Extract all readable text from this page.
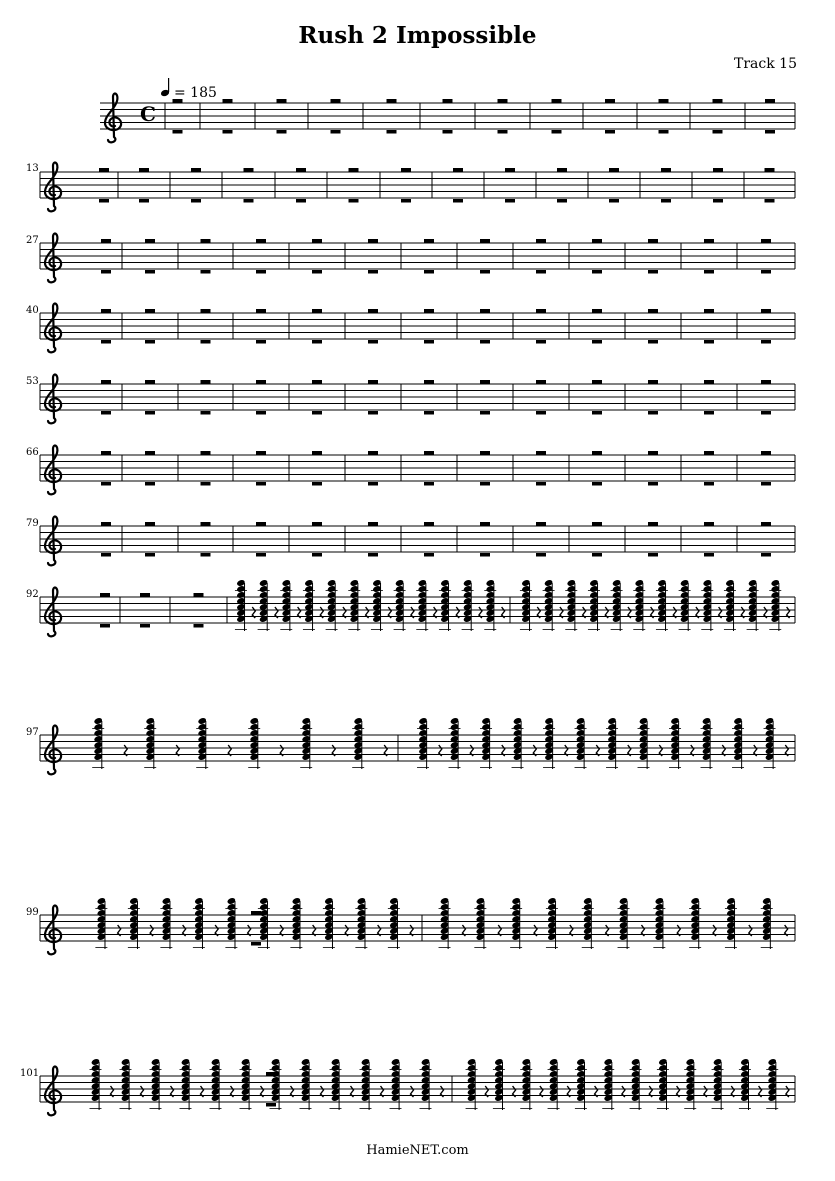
Rush 2 Impossible
Track 15
HamieNET.com
C
13
27
40
53
66
79
92
97
99
101
= 185
